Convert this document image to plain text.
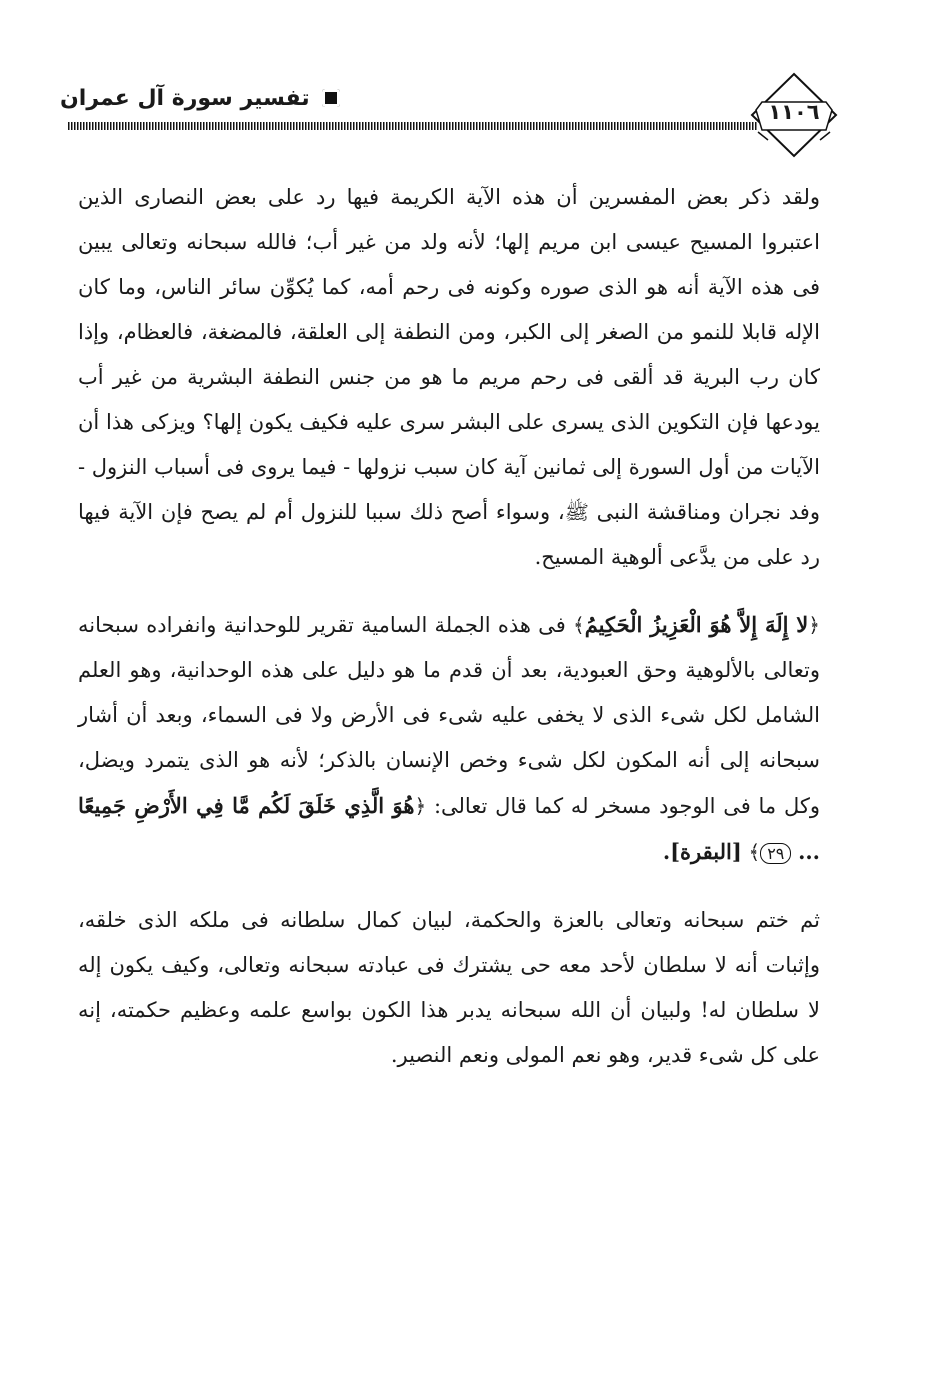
تفسير سورة آل عمران
١١٠٦

ولقد ذكر بعض المفسرين أن هذه الآية الكريمة فيها رد على بعض النصارى الذين اعتبروا المسيح عيسى ابن مريم إلها؛ لأنه ولد من غير أب؛ فالله سبحانه وتعالى يبين فى هذه الآية أنه هو الذى صوره وكونه فى رحم أمه، كما يُكوِّن سائر الناس، وما كان الإله قابلا للنمو من الصغر إلى الكبر، ومن النطفة إلى العلقة، فالمضغة، فالعظام، وإذا كان رب البرية قد ألقى فى رحم مريم ما هو من جنس النطفة البشرية من غير أب يودعها فإن التكوين الذى يسرى على البشر سرى عليه فكيف يكون إلها؟ ويزكى هذا أن الآيات من أول السورة إلى ثمانين آية كان سبب نزولها - فيما يروى فى أسباب النزول - وفد نجران ومناقشة النبى ﷺ، وسواء أصح ذلك سببا للنزول أم لم يصح فإن الآية فيها رد على من يدَّعى ألوهية المسيح.

﴿لا إِلَهَ إِلاَّ هُوَ الْعَزِيزُ الْحَكِيمُ﴾ فى هذه الجملة السامية تقرير للوحدانية وانفراده سبحانه وتعالى بالألوهية وحق العبودية، بعد أن قدم ما هو دليل على هذه الوحدانية، وهو العلم الشامل لكل شىء الذى لا يخفى عليه شىء فى الأرض ولا فى السماء، وبعد أن أشار سبحانه إلى أنه المكون لكل شىء وخص الإنسان بالذكر؛ لأنه هو الذى يتمرد ويضل، وكل ما فى الوجود مسخر له كما قال تعالى: ﴿هُوَ الَّذِي خَلَقَ لَكُم مَّا فِي الأَرْضِ جَمِيعًا ... ٢٩﴾ [البقرة].

ثم ختم سبحانه وتعالى بالعزة والحكمة، لبيان كمال سلطانه فى ملكه الذى خلقه، وإثبات أنه لا سلطان لأحد معه حى يشترك فى عبادته سبحانه وتعالى، وكيف يكون إله لا سلطان له! ولبيان أن الله سبحانه يدبر هذا الكون بواسع علمه وعظيم حكمته، إنه على كل شىء قدير، وهو نعم المولى ونعم النصير.
